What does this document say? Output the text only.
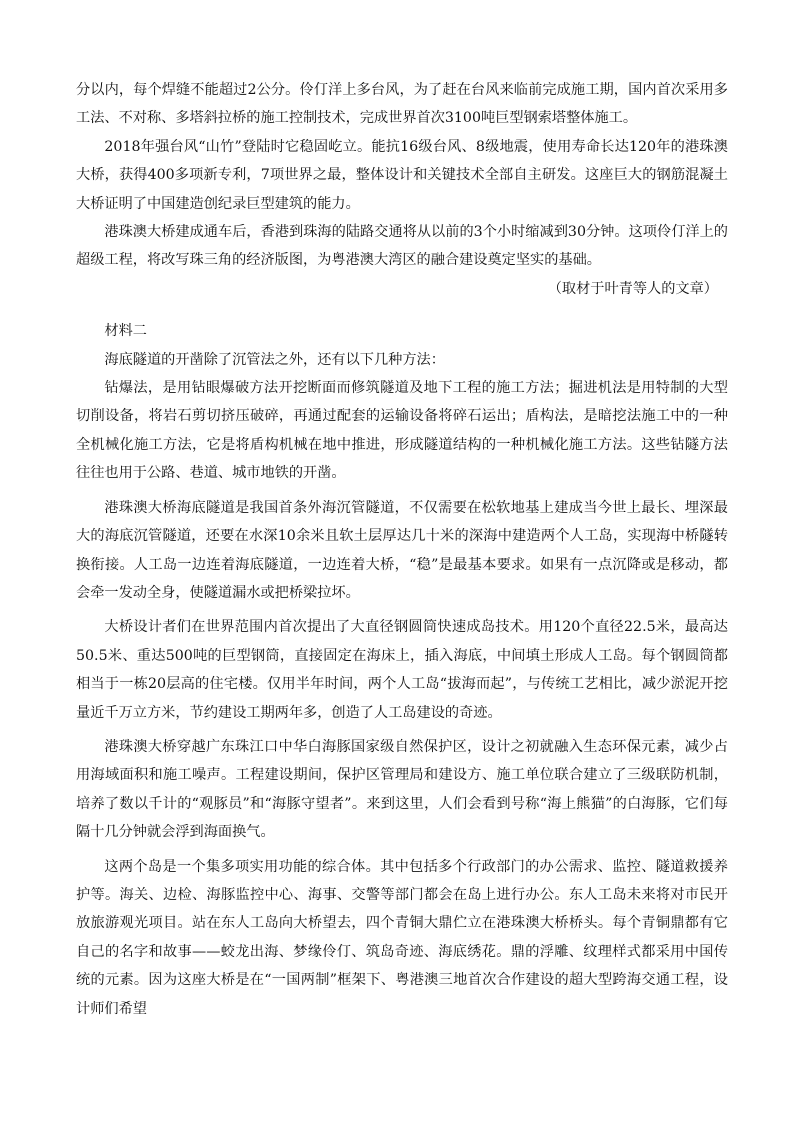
分以内，每个焊缝不能超过2公分。伶仃洋上多台风，为了赶在台风来临前完成施工期，国内首次采用多工法、不对称、多塔斜拉桥的施工控制技术，完成世界首次3100吨巨型钢索塔整体施工。

2018年强台风“山竹”登陆时它稳固屹立。能抗16级台风、8级地震，使用寿命长达120年的港珠澳大桥，获得400多项新专利，7项世界之最，整体设计和关键技术全部自主研发。这座巨大的钢筋混凝土大桥证明了中国建造创纪录巨型建筑的能力。

港珠澳大桥建成通车后，香港到珠海的陆路交通将从以前的3个小时缩减到30分钟。这项伶仃洋上的超级工程，将改写珠三角的经济版图，为粤港澳大湾区的融合建设奠定坚实的基础。

（取材于叶青等人的文章）

材料二

海底隧道的开凿除了沉管法之外，还有以下几种方法：

钻爆法，是用钻眼爆破方法开挖断面而修筑隧道及地下工程的施工方法；掘进机法是用特制的大型切削设备，将岩石剪切挤压破碎，再通过配套的运输设备将碎石运出；盾构法，是暗挖法施工中的一种全机械化施工方法，它是将盾构机械在地中推进，形成隧道结构的一种机械化施工方法。这些钻隧方法往往也用于公路、巷道、城市地铁的开凿。

港珠澳大桥海底隧道是我国首条外海沉管隧道，不仅需要在松软地基上建成当今世上最长、埋深最大的海底沉管隧道，还要在水深10余米且软土层厚达几十米的深海中建造两个人工岛，实现海中桥隧转换衔接。人工岛一边连着海底隧道，一边连着大桥，“稳”是最基本要求。如果有一点沉降或是移动，都会牵一发动全身，使隧道漏水或把桥梁拉坏。

大桥设计者们在世界范围内首次提出了大直径钢圆筒快速成岛技术。用120个直径22.5米，最高达50.5米、重达500吨的巨型钢筒，直接固定在海床上，插入海底，中间填土形成人工岛。每个钢圆筒都相当于一栋20层高的住宅楼。仅用半年时间，两个人工岛“拔海而起”，与传统工艺相比，减少淤泥开挖量近千万立方米，节约建设工期两年多，创造了人工岛建设的奇迹。

港珠澳大桥穿越广东珠江口中华白海豚国家级自然保护区，设计之初就融入生态环保元素，减少占用海域面积和施工噪声。工程建设期间，保护区管理局和建设方、施工单位联合建立了三级联防机制，培养了数以千计的“观豚员”和“海豚守望者”。来到这里，人们会看到号称“海上熊猫”的白海豚，它们每隔十几分钟就会浮到海面换气。

这两个岛是一个集多项实用功能的综合体。其中包括多个行政部门的办公需求、监控、隧道救援养护等。海关、边检、海豚监控中心、海事、交警等部门都会在岛上进行办公。东人工岛未来将对市民开放旅游观光项目。站在东人工岛向大桥望去，四个青铜大鼎伫立在港珠澳大桥桥头。每个青铜鼎都有它自己的名字和故事——蛟龙出海、梦缘伶仃、筑岛奇迹、海底绣花。鼎的浮雕、纹理样式都采用中国传统的元素。因为这座大桥是在“一国两制”框架下、粤港澳三地首次合作建设的超大型跨海交通工程，设计师们希望
